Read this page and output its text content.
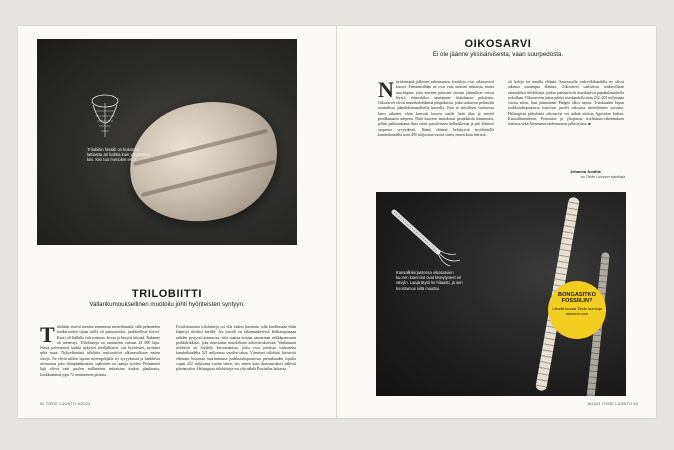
Trilobiitin fossiili on kuluneut lattiassa ari kahtia kuin ympäröivä kivi. Kivi tuo menolen esiin.
TRILOBIITTI
Vallankumouksellinen muotoilu johti hyönteisten syntyyn.
T rilobiitit etsivät monina aiemmista merieläimistä, sillä pehmeiden ionikerroiden sijaan niillä oli panssaroidut, jaokkoelliset koivet. Kuori oli kulkilla valvioittarua, kovaa ja kevyttä kitiiniä. Rakenne oli menestys. Trilobiitteja on tunnistettu runsaat 22 000 lajia. Niistä polveutuvat kaikki nykyiset niveljalkaiset, siis hyönteiset, äyriäiset sekä muut. Nykyeläimistä trilobiitit muistuttivat ulkonavolitaan eniten siiroja. Ne elivät niiden tapaan merenpohjalla eri syvyyksissä ja hankkivat ravintonsa joko eläinplanktonista, saalistaen tai raatoja syöden. Pienimmät lajit olivat vain puolen millimetrin mittaisina itsekin planktonia, kookkaimmat jopa 72 senttimetrin pituisia.

Fossiloitumatta trilobiitteja voi olla vaikea huomata, sillä kuollessaan eläin käpertyi tiiviiksi kerälle. Jos fossiili on rakennuskivessä leikkauspintaan nähden pystyssä asennossa, siitä saattaa erottua ainoastaan nelikäpanssarin poikkileikkaus, joka muistuttaa muodoltaan aaltoviivakuviota. Vanhimmat trilobiitit on löydetty kerrostumista, jotka ovat peräisin varhaiselta kambrikaudelta 521 miljoonaa vuoden takaa. Viimeiset trilobiitit hävisivät eläimien historian suurimmassa joukkotuhopuurossa permikauden lopulla vajaat 252 miljoonaa vuotta sitten, siis ennen kuin dinosaurukset näkivät päivänvalon. Helsingissä trilobiitteja voi yhä nähdä Postitalon lattiassa.

52 TIEDE LUONTO 8/2024
OIKOSARVI
Ei ole jäänne yksisarvisesta, vaan suurpedosta.
N äyttävimpiä julkisten rakennusten fossiileja ovat oikosarvien kuoret. Pienimmillään ne ovat vain senttien mittaisia, mutta suurimpien, joita meriten pituisten otusten jäännökset voivat löytyä esimerkiksi saunamme lattialaatan palojeista. Oikosarvet olivat mustekalaeläimiä pääjalkaisia, jotka sudastvat pohmolin nuumilissa jäänöhdottomalisella kuorella. Kun se niivälisen vurttuessa kärvi aikaiset, eläin kasvatti kuoren suulle lisää tilaa ja sinetöi perälkamarin umpeen. Näin kuoreen muodostui peräkkäisiä kammioita, joihin pakkaantunut ilma toimi passiivisena kelluikkeena ja piti eläimen suspensa syvyydessä. Nämä eläimet kehittyivät myöhäisellä kambrikaudella noin 490 miljoonaa vuotta sitten, ennen kuin merissä

oli kaloja tai muulla eläinää. Seuraavalla ordoviikikaudella ne olivat aikansa suurimpia eläimiä. Oikosarvet saalistivat tonkerollisan esimerkiksi trilobiitteja, joiden panssarin ne murskasivat papukalamaisella nokallaan. Oikosarvien taitaa päätyi triaskaudella noin 252–201 miljoonaa vuotta sitten, kun jättimanner Pangea alkoi hajota. Triaskauden lopun joukkotuhopuurossa katosivat puolet oikosista merieläinten suvuista. Helsingissä pitkulaisia oikosarvia voi nähdä aitoista Agricolan kirkon, Kansallisteatteron, Postitalon ja yliopiston tiselimasto-rakennuksen lattiassa sekä Ateneumin taidemuseon julkisivussa. ■

Johanna Juntilla
on Tiede Luonnon toimittaja
Kansalliskirjastossa oikosarvien kuoren kammiot ovat kiveytyneet eri sävyin. Laaja täytti ne hitaasti, ja sen koostumus siitä muuttui.
BONGASITKO FOSSIILIN?
Lähetä kuvasi Tiede-luontoja sanoma.com
8/2024 TIEDE LUONTO 53
